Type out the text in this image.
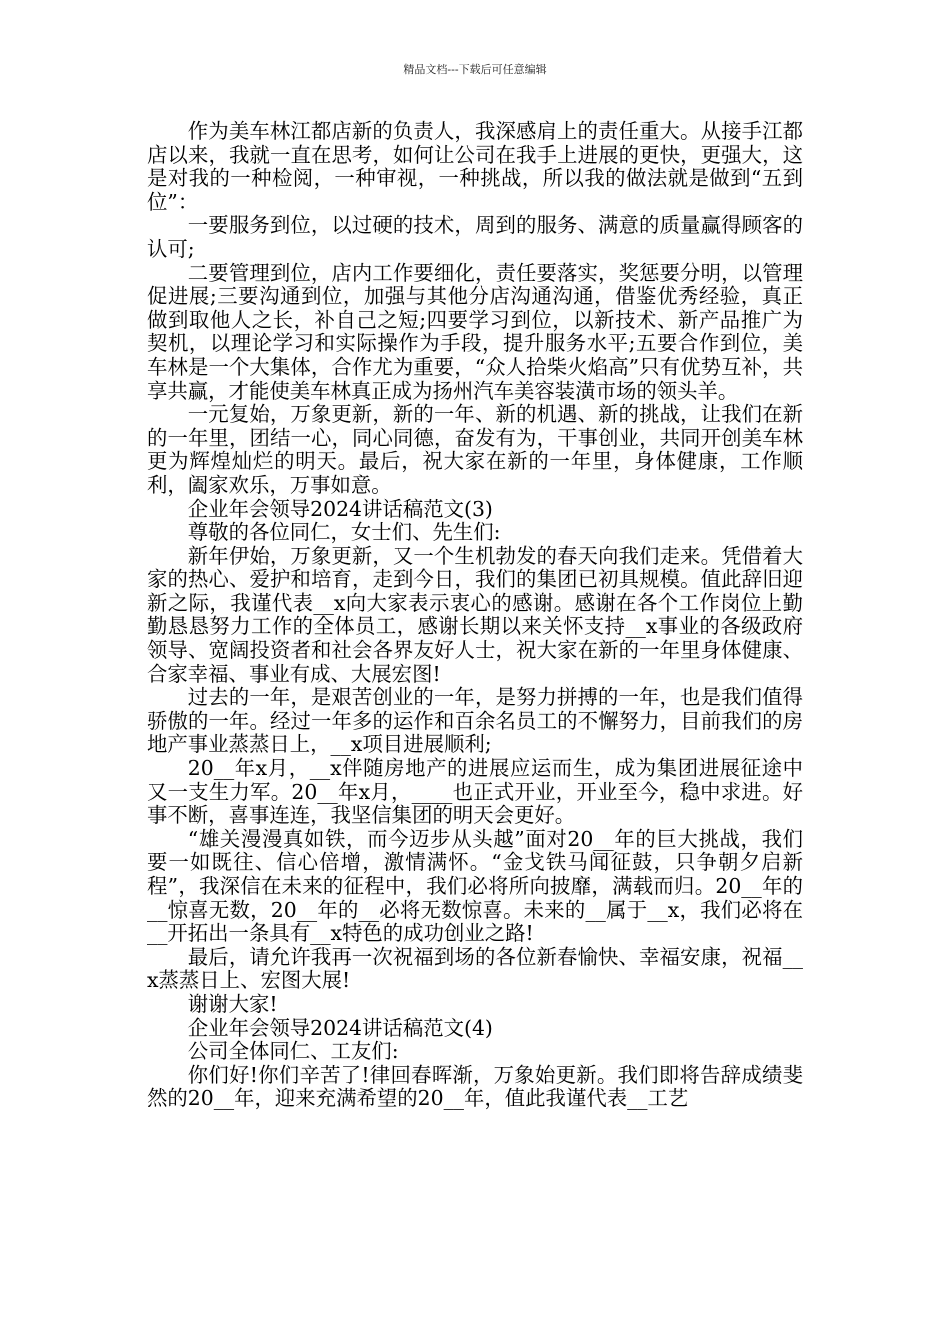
精品文档---下载后可任意编辑

作为美车林江都店新的负责人，我深感肩上的责任重大。从接手江都店以来，我就一直在思考，如何让公司在我手上进展的更快，更强大，这是对我的一种检阅，一种审视，一种挑战，所以我的做法就是做到“五到位”：

一要服务到位，以过硬的技术，周到的服务、满意的质量赢得顾客的认可;

二要管理到位，店内工作要细化，责任要落实，奖惩要分明，以管理促进展;三要沟通到位，加强与其他分店沟通沟通，借鉴优秀经验，真正做到取他人之长，补自己之短;四要学习到位，以新技术、新产品推广为契机，以理论学习和实际操作为手段，提升服务水平;五要合作到位，美车林是一个大集体，合作尤为重要，“众人拾柴火焰高”只有优势互补，共享共赢，才能使美车林真正成为扬州汽车美容装潢市场的领头羊。

一元复始，万象更新，新的一年、新的机遇、新的挑战，让我们在新的一年里，团结一心，同心同德，奋发有为，干事创业，共同开创美车林更为辉煌灿烂的明天。最后，祝大家在新的一年里，身体健康，工作顺利，阖家欢乐，万事如意。

企业年会领导2024讲话稿范文(3)

尊敬的各位同仁，女士们、先生们:

新年伊始，万象更新，又一个生机勃发的春天向我们走来。凭借着大家的热心、爱护和培育，走到今日，我们的集团已初具规模。值此辞旧迎新之际，我谨代表__x向大家表示衷心的感谢。感谢在各个工作岗位上勤勤恳恳努力工作的全体员工，感谢长期以来关怀支持__x事业的各级政府领导、宽阔投资者和社会各界友好人士，祝大家在新的一年里身体健康、合家幸福、事业有成、大展宏图!

过去的一年，是艰苦创业的一年，是努力拼搏的一年，也是我们值得骄傲的一年。经过一年多的运作和百余名员工的不懈努力，目前我们的房地产事业蒸蒸日上，__x项目进展顺利;

20__年x月，__x伴随房地产的进展应运而生，成为集团进展征途中又一支生力军。20__年x月，____也正式开业，开业至今，稳中求进。好事不断，喜事连连，我坚信集团的明天会更好。

“雄关漫漫真如铁，而今迈步从头越”面对20__年的巨大挑战，我们要一如既往、信心倍增，激情满怀。“金戈铁马闻征鼓，只争朝夕启新程”，我深信在未来的征程中，我们必将所向披靡，满载而归。20__年的__惊喜无数，20__年的__必将无数惊喜。未来的__属于__x，我们必将在__开拓出一条具有__x特色的成功创业之路!

最后，请允许我再一次祝福到场的各位新春愉快、幸福安康，祝福__x蒸蒸日上、宏图大展!

谢谢大家!

企业年会领导2024讲话稿范文(4)

公司全体同仁、工友们:

你们好!你们辛苦了!律回春晖渐，万象始更新。我们即将告辞成绩斐然的20__年，迎来充满希望的20__年，值此我谨代表__工艺
